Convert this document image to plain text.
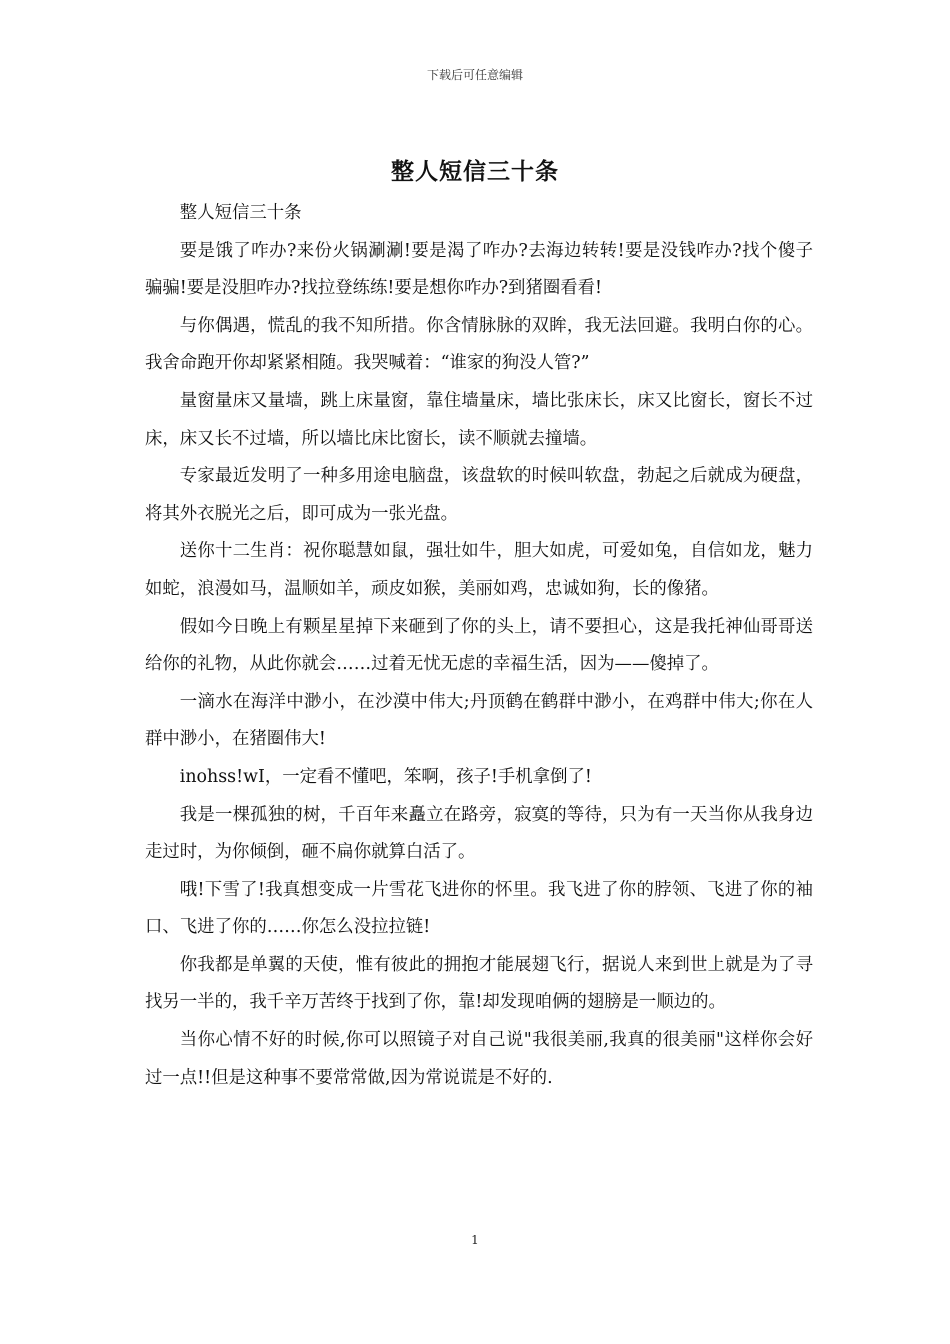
下载后可任意编辑
整人短信三十条

整人短信三十条

要是饿了咋办?来份火锅涮涮!要是渴了咋办?去海边转转!要是没钱咋办?找个傻子骗骗!要是没胆咋办?找拉登练练!要是想你咋办?到猪圈看看!

与你偶遇，慌乱的我不知所措。你含情脉脉的双眸，我无法回避。我明白你的心。我舍命跑开你却紧紧相随。我哭喊着：“谁家的狗没人管?”

量窗量床又量墙，跳上床量窗，靠住墙量床，墙比张床长，床又比窗长，窗长不过床，床又长不过墙，所以墙比床比窗长，读不顺就去撞墙。

专家最近发明了一种多用途电脑盘，该盘软的时候叫软盘，勃起之后就成为硬盘，将其外衣脱光之后，即可成为一张光盘。

送你十二生肖：祝你聪慧如鼠，强壮如牛，胆大如虎，可爱如兔，自信如龙，魅力如蛇，浪漫如马，温顺如羊，顽皮如猴，美丽如鸡，忠诚如狗，长的像猪。

假如今日晚上有颗星星掉下来砸到了你的头上，请不要担心，这是我托神仙哥哥送给你的礼物，从此你就会……过着无忧无虑的幸福生活，因为——傻掉了。

一滴水在海洋中渺小，在沙漠中伟大;丹顶鹤在鹤群中渺小，在鸡群中伟大;你在人群中渺小，在猪圈伟大!

inohss!wI，一定看不懂吧，笨啊，孩子!手机拿倒了!

我是一棵孤独的树，千百年来矗立在路旁，寂寞的等待，只为有一天当你从我身边走过时，为你倾倒，砸不扁你就算白活了。

哦!下雪了!我真想变成一片雪花飞进你的怀里。我飞进了你的脖领、飞进了你的袖口、飞进了你的……你怎么没拉拉链!

你我都是单翼的天使，惟有彼此的拥抱才能展翅飞行，据说人来到世上就是为了寻找另一半的，我千辛万苦终于找到了你，靠!却发现咱俩的翅膀是一顺边的。

当你心情不好的时候,你可以照镜子对自己说"我很美丽,我真的很美丽"这样你会好过一点!!但是这种事不要常常做,因为常说谎是不好的.

1
